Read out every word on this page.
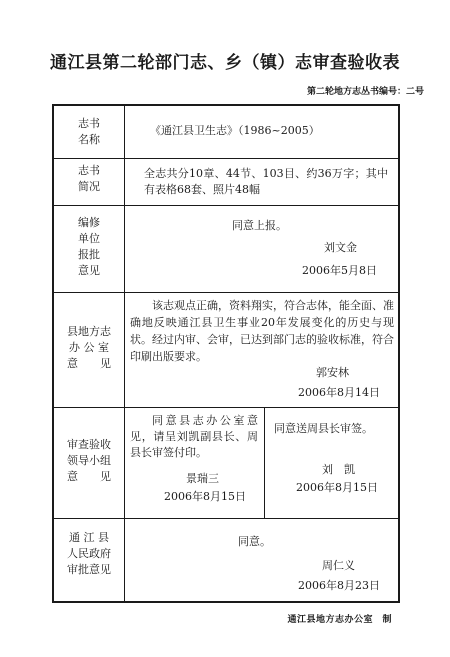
通江县第二轮部门志、乡（镇）志审查验收表
第二轮地方志丛书编号：二号
志书
名称
《通江县卫生志》（1986~2005）
志书
简况
全志共分10章、44节、103目、约36万字；其中有表格68套、照片48幅
编修
单位
报批
意见
同意上报。
刘文金
2006年5月8日
县地方志
办 公 室
意　　见
该志观点正确，资料翔实，符合志体，能全面、准确地反映通江县卫生事业20年发展变化的历史与现状。经过内审、会审，已达到部门志的验收标准，符合印刷出版要求。
郭安林
2006年8月14日
审查验收
领导小组
意　　见
同意县志办公室意见，请呈刘凯副县长、周县长审签付印。
景瑞三
2006年8月15日
同意送周县长审签。
刘　凯
2006年8月15日
通 江 县
人民政府
审批意见
同意。
周仁义
2006年8月23日
通江县地方志办公室　制
